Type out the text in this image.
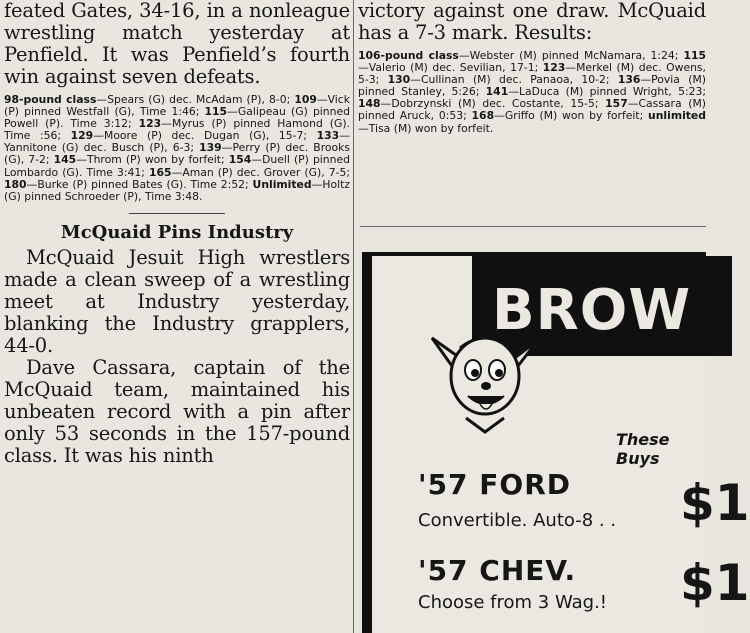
feated Gates, 34-16, in a nonleague wrestling match yesterday at Penfield. It was Penfield’s fourth win against seven defeats.

98-pound class—Spears (G) dec. McAdam (P), 8-0; 109—Vick (P) pinned Westfall (G), Time 1:46; 115—Galipeau (G) pinned Powell (P). Time 3:12; 123—Myrus (P) pinned Hamond (G). Time :56; 129—Moore (P) dec. Dugan (G), 15-7; 133—Yannitone (G) dec. Busch (P), 6-3; 139—Perry (P) dec. Brooks (G), 7-2; 145—Throm (P) won by forfeit; 154—Duell (P) pinned Lombardo (G). Time 3:41; 165—Aman (P) dec. Grover (G), 7-5; 180—Burke (P) pinned Bates (G). Time 2:52; Unlimited—Holtz (G) pinned Schroeder (P), Time 3:48.
McQuaid Pins Industry

McQuaid Jesuit High wrestlers made a clean sweep of a wrestling meet at Industry yesterday, blanking the Industry grapplers, 44-0.

Dave Cassara, captain of the McQuaid team, maintained his unbeaten record with a pin after only 53 seconds in the 157-pound class. It was his ninth

victory against one draw. McQuaid has a 7-3 mark. Results:

106-pound class—Webster (M) pinned McNamara, 1:24; 115—Valerio (M) dec. Sevilian, 17-1; 123—Merkel (M) dec. Owens, 5-3; 130—Cullinan (M) dec. Panaoa, 10-2; 136—Povia (M) pinned Stanley, 5:26; 141—LaDuca (M) pinned Wright, 5:23; 148—Dobrzynski (M) dec. Costante, 15-5; 157—Cassara (M) pinned Aruck, 0:53; 168—Griffo (M) won by forfeit; unlimited—Tisa (M) won by forfeit.
BROW
These Buys
'57 FORD
Convertible. Auto-8 . . $1
'57 CHEV.
Choose from 3 Wag.! $1
